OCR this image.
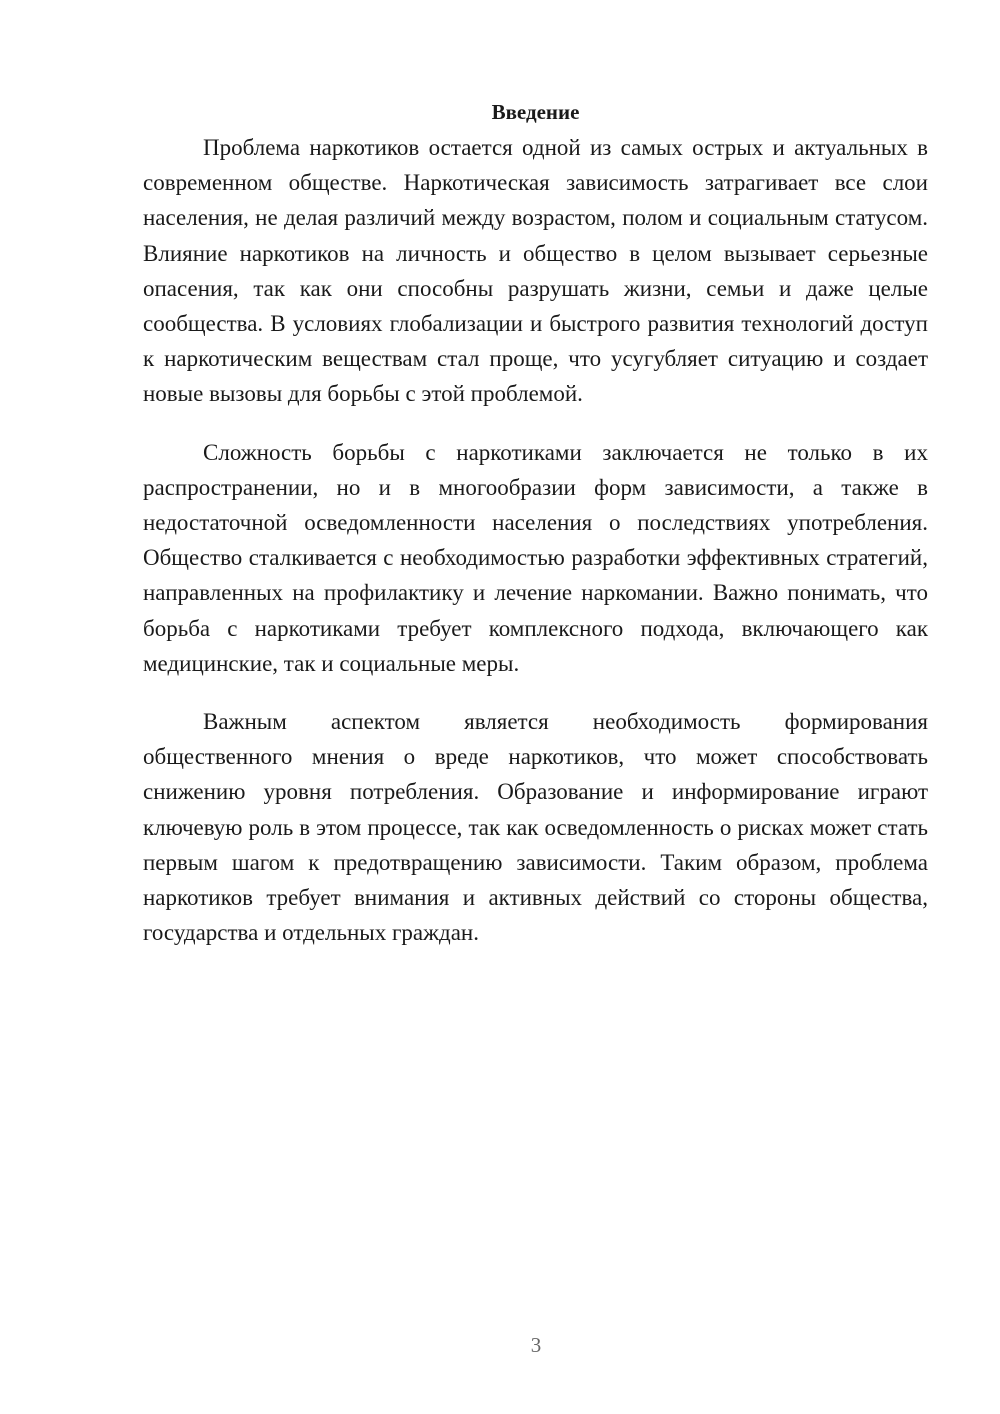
Введение

Проблема наркотиков остается одной из самых острых и актуальных в современном обществе. Наркотическая зависимость затрагивает все слои населения, не делая различий между возрастом, полом и социальным статусом. Влияние наркотиков на личность и общество в целом вызывает серьезные опасения, так как они способны разрушать жизни, семьи и даже целые сообщества. В условиях глобализации и быстрого развития технологий доступ к наркотическим веществам стал проще, что усугубляет ситуацию и создает новые вызовы для борьбы с этой проблемой.

Сложность борьбы с наркотиками заключается не только в их распространении, но и в многообразии форм зависимости, а также в недостаточной осведомленности населения о последствиях употребления. Общество сталкивается с необходимостью разработки эффективных стратегий, направленных на профилактику и лечение наркомании. Важно понимать, что борьба с наркотиками требует комплексного подхода, включающего как медицинские, так и социальные меры.

Важным аспектом является необходимость формирования общественного мнения о вреде наркотиков, что может способствовать снижению уровня потребления. Образование и информирование играют ключевую роль в этом процессе, так как осведомленность о рисках может стать первым шагом к предотвращению зависимости. Таким образом, проблема наркотиков требует внимания и активных действий со стороны общества, государства и отдельных граждан.

3
